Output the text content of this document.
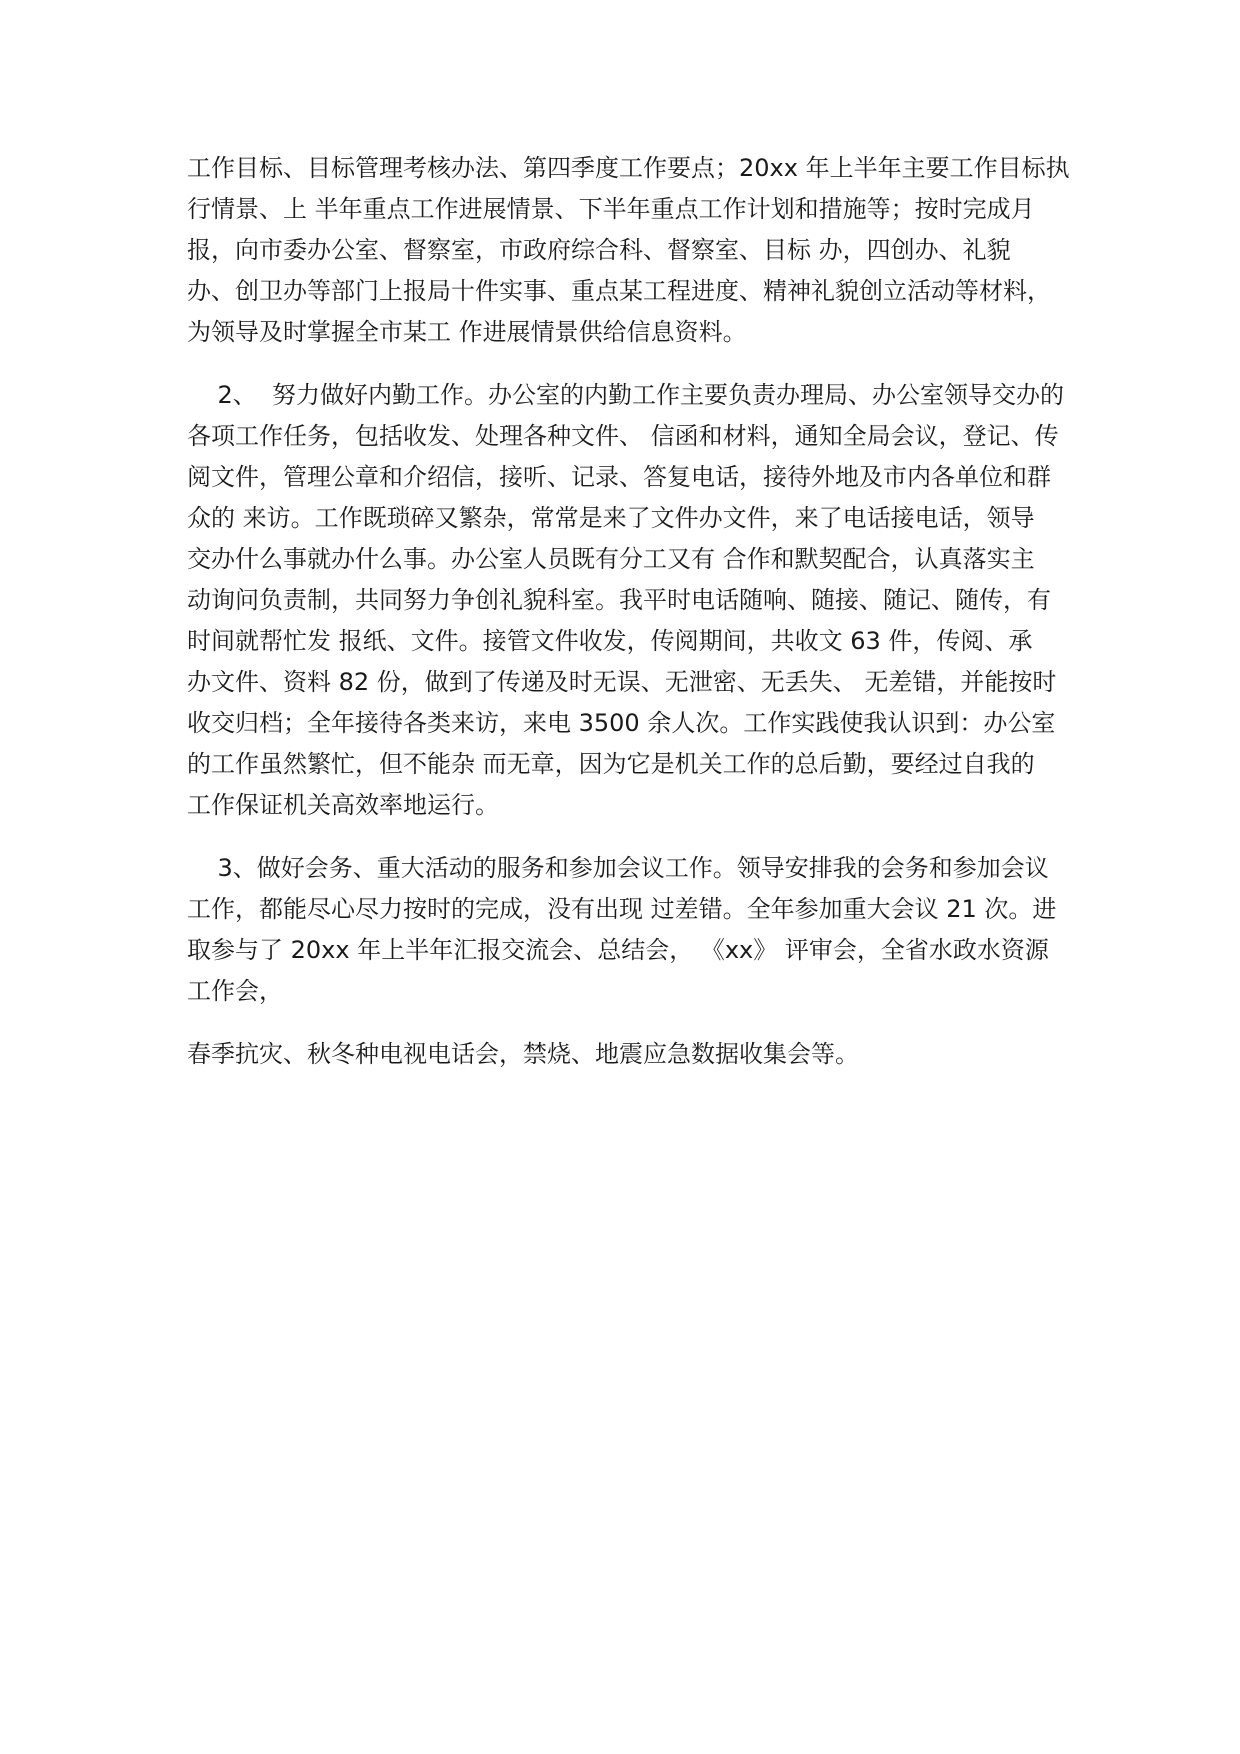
工作目标、目标管理考核办法、第四季度工作要点；20xx 年上半年主要工作目标执
行情景、上 半年重点工作进展情景、下半年重点工作计划和措施等；按时完成月
报，向市委办公室、督察室，市政府综合科、督察室、目标 办，四创办、礼貌
办、创卫办等部门上报局十件实事、重点某工程进度、精神礼貌创立活动等材料，
为领导及时掌握全市某工 作进展情景供给信息资料。
2、  努力做好内勤工作。办公室的内勤工作主要负责办理局、办公室领导交办的
各项工作任务，包括收发、处理各种文件、 信函和材料，通知全局会议，登记、传
阅文件，管理公章和介绍信，接听、记录、答复电话，接待外地及市内各单位和群
众的 来访。工作既琐碎又繁杂，常常是来了文件办文件，来了电话接电话，领导
交办什么事就办什么事。办公室人员既有分工又有 合作和默契配合，认真落实主
动询问负责制，共同努力争创礼貌科室。我平时电话随响、随接、随记、随传，有
时间就帮忙发 报纸、文件。接管文件收发，传阅期间，共收文 63 件，传阅、承
办文件、资料 82 份，做到了传递及时无误、无泄密、无丢失、 无差错，并能按时
收交归档；全年接待各类来访，来电 3500 余人次。工作实践使我认识到：办公室
的工作虽然繁忙，但不能杂 而无章，因为它是机关工作的总后勤，要经过自我的
工作保证机关高效率地运行。
3、做好会务、重大活动的服务和参加会议工作。领导安排我的会务和参加会议
工作，都能尽心尽力按时的完成，没有出现 过差错。全年参加重大会议 21 次。进
取参与了 20xx 年上半年汇报交流会、总结会， 《xx》 评审会，全省水政水资源
工作会，
春季抗灾、秋冬种电视电话会，禁烧、地震应急数据收集会等。
